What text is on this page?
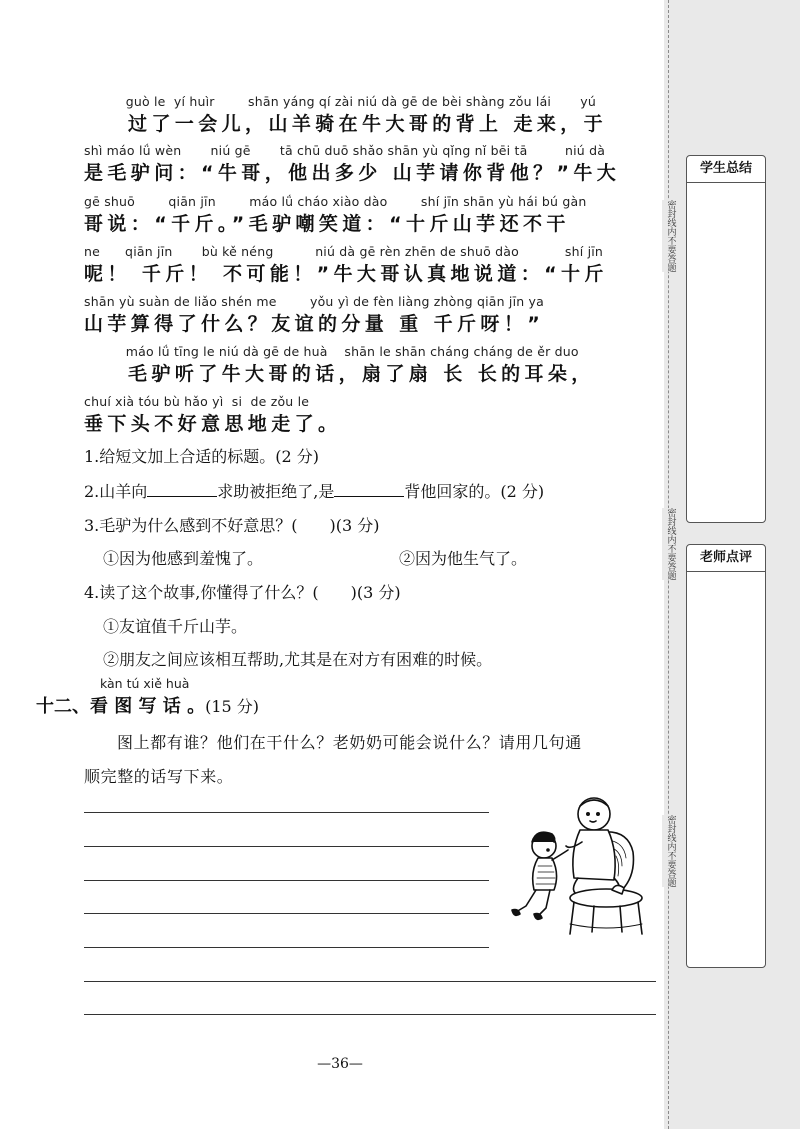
guò le  yí huìr        shān yáng qí zài niú dà gē de bèi shàng zǒu lái       yú
过了一会儿，山羊骑在牛大哥的背上 走来，于
shì máo lǘ wèn       niú gē       tā chū duō shǎo shān yù qǐng nǐ bēi tā         niú dà
是毛驴问：“牛哥，他出多少 山芋请你背他？”牛大
gē shuō        qiān jīn        máo lǘ cháo xiào dào        shí jīn shān yù hái bú gàn
哥说：“千斤。”毛驴嘲笑道：“十斤山芋还不干
ne      qiān jīn       bù kě néng          niú dà gē rèn zhēn de shuō dào           shí jīn
呢！ 千斤！ 不可能！”牛大哥认真地说道：“十斤
shān yù suàn de liǎo shén me        yǒu yì de fèn liàng zhòng qiān jīn ya
山芋算得了什么？友谊的分量 重 千斤呀！”
máo lǘ tīng le niú dà gē de huà    shān le shān cháng cháng de ěr duo
毛驴听了牛大哥的话，扇了扇 长 长的耳朵，
chuí xià tóu bù hǎo yì  si  de zǒu le
垂下头不好意思地走了。
1.给短文加上合适的标题。(2 分)
2.山羊向	求助被拒绝了,是	背他回家的。(2 分)
3.毛驴为什么感到不好意思？(　　)(3 分)
①因为他感到羞愧了。	②因为他生气了。
4.读了这个故事,你懂得了什么？(　　)(3 分)
①友谊值千斤山芋。
②朋友之间应该相互帮助,尤其是在对方有困难的时候。
kàn tú xiě huà
十二、看 图 写 话 。(15 分)
图上都有谁？他们在干什么？老奶奶可能会说什么？请用几句通
顺完整的话写下来。
—36—
密封线内不要答题
密封线内不要答题
密封线内不要答题
学生总结
老师点评
